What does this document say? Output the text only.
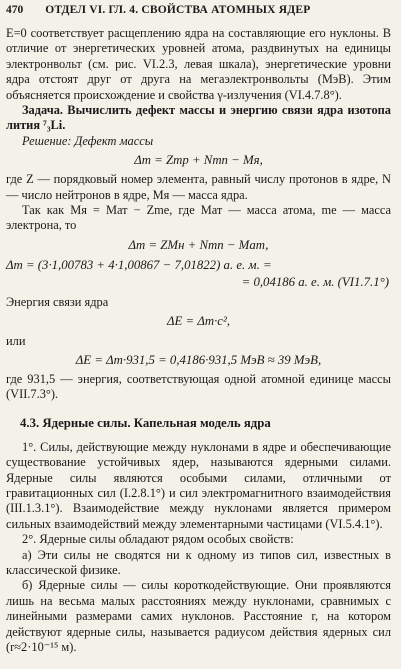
470 ОТДЕЛ VI. ГЛ. 4. СВОЙСТВА АТОМНЫХ ЯДЕР

E=0 соответствует расщеплению ядра на составляющие его нуклоны. В отличие от энергетических уровней атома, раздвинутых на единицы электронвольт (см. рис. VI.2.3, левая шкала), энергетические уровни ядра отстоят друг от друга на мегаэлектронвольты (МэВ). Этим объясняется происхождение и свойства γ-излучения (VI.4.7.8°).

Задача. Вычислить дефект массы и энергию связи ядра изотопа лития ⁷₃Li.

Решение: Дефект массы

Δm = Zmp + Nmn − Mя,

где Z — порядковый номер элемента, равный числу протонов в ядре, N — число нейтронов в ядре, Mя — масса ядра.

Так как Mя = Mат − Zme, где Mат — масса атома, me — масса электрона, то

Δm = ZMн + Nmn − Mат,
Δm = (3·1,00783 + 4·1,00867 − 7,01822) а. е. м. =
= 0,04186 а. е. м. (VI1.7.1°)
Энергия связи ядра
ΔE = Δm·c²,
или
ΔE = Δm·931,5 = 0,4186·931,5 МэВ ≈ 39 МэВ,

где 931,5 — энергия, соответствующая одной атомной единице массы (VII.7.3°).

4.3. Ядерные силы. Капельная модель ядра

1°. Силы, действующие между нуклонами в ядре и обеспечивающие существование устойчивых ядер, называются ядерными силами. Ядерные силы являются особыми силами, отличными от гравитационных сил (I.2.8.1°) и сил электромагнитного взаимодействия (III.1.3.1°). Взаимодействие между нуклонами является примером сильных взаимодействий между элементарными частицами (VI.5.4.1°).

2°. Ядерные силы обладают рядом особых свойств:

а) Эти силы не сводятся ни к одному из типов сил, известных в классической физике.

б) Ядерные силы — силы короткодействующие. Они проявляются лишь на весьма малых расстояниях между нуклонами, сравнимых с линейными размерами самих нуклонов. Расстояние r, на котором действуют ядерные силы, называется радиусом действия ядерных сил (r≈2·10⁻¹⁵ м).
